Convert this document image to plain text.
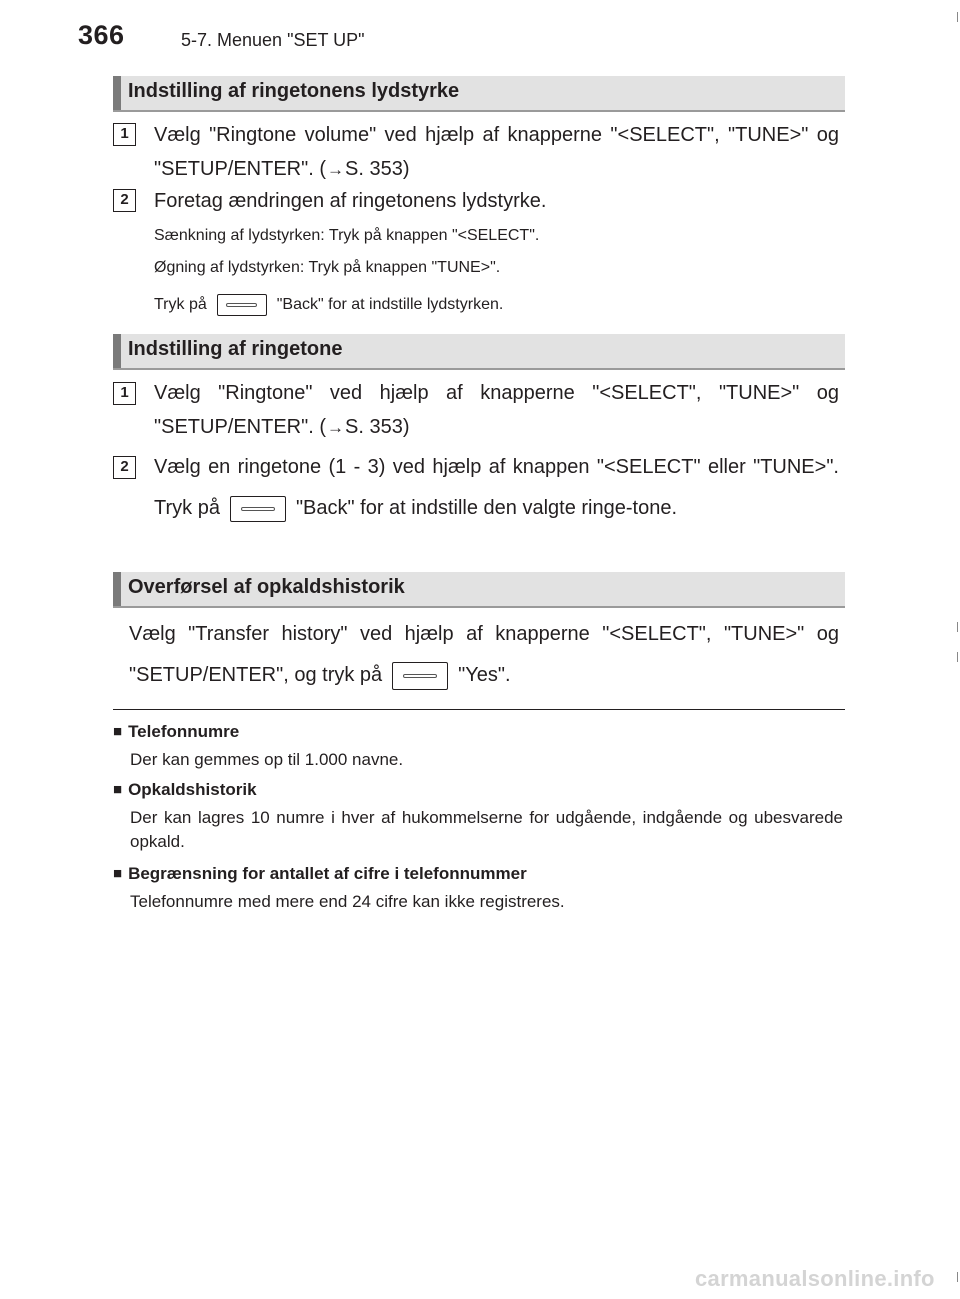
366	5-7. Menuen "SET UP"
Indstilling af ringetonens lydstyrke
1	Vælg "Ringtone volume" ved hjælp af knapperne "<SELECT", "TUNE>" og "SETUP/ENTER". (→S. 353)
2	Foretag ændringen af ringetonens lydstyrke.
Sænkning af lydstyrken: Tryk på knappen "<SELECT".
Øgning af lydstyrken: Tryk på knappen "TUNE>".
Tryk på	"Back" for at indstille lydstyrken.
Indstilling af ringetone
1	Vælg "Ringtone" ved hjælp af knapperne "<SELECT", "TUNE>" og "SETUP/ENTER". (→S. 353)
2	Vælg en ringetone (1 - 3) ved hjælp af knappen "<SELECT" eller "TUNE>". Tryk på	"Back" for at indstille den valgte ringe-tone.
Overførsel af opkaldshistorik
Vælg "Transfer history" ved hjælp af knapperne "<SELECT", "TUNE>" og "SETUP/ENTER", og tryk på	"Yes".
■ Telefonnumre
Der kan gemmes op til 1.000 navne.
■ Opkaldshistorik
Der kan lagres 10 numre i hver af hukommelserne for udgående, indgående og ubesvarede opkald.
■ Begrænsning for antallet af cifre i telefonnummer
Telefonnumre med mere end 24 cifre kan ikke registreres.
carmanualsonline.info
